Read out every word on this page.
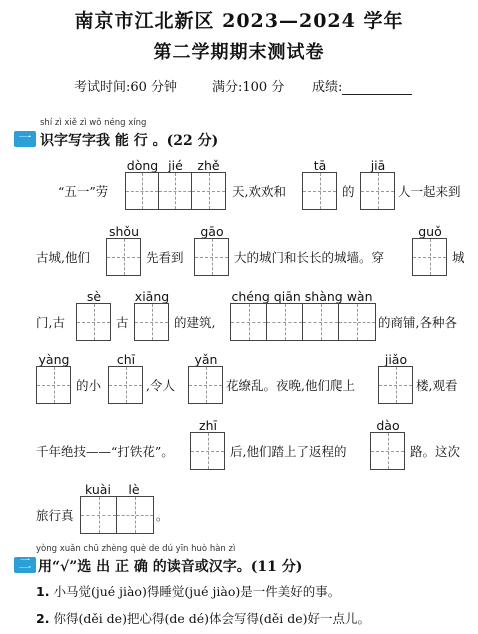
南京市江北新区 2023—2024 学年
第二学期期末测试卷
考试时间:60 分钟	满分:100 分 成绩:
shí zì xiě zì wǒ néng xíng
一 识字写字我 能 行 。(22 分)
dòng jié	zhě	tā	jiā
“五一”劳	天,欢欢和	的	人一起来到
shǒu	gāo	guǒ
古城,他们	先看到	大的城门和长长的城墙。穿	城
sè	xiāng	chéng qiān shàng wàn
门,古	古	的建筑,	的商铺,各种各
yàng	chī	yǎn	jiǎo
的小	,令人	花缭乱。夜晚,他们爬上	楼,观看
zhī	dào
千年绝技——“打铁花”。	后,他们踏上了返程的	路。这次
kuài	lè
旅行真	。
yòng xuǎn chū zhèng què de dú yīn huò hàn zì
二 用“√”选 出 正 确 的读音或汉字。(11 分)
1. 小马觉(jué jiào)得睡觉(jué jiào)是一件美好的事。
2. 你得(děi de)把心得(de dé)体会写得(děi de)好一点儿。
